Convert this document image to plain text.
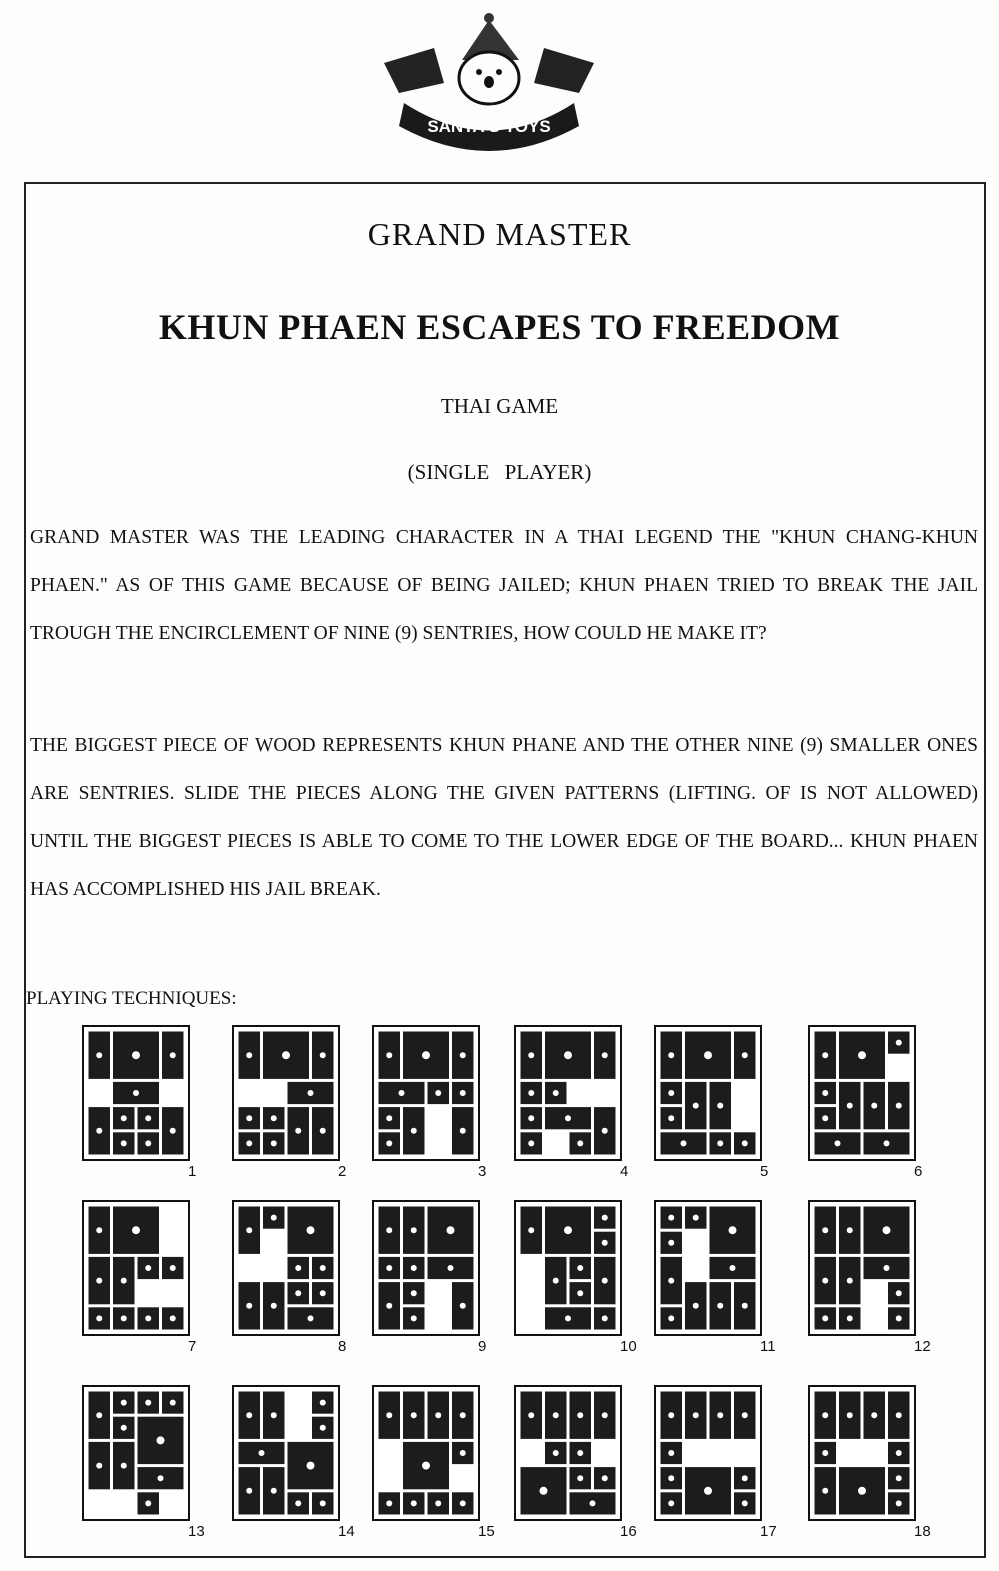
SANTA'S TOYS
GRAND MASTER
KHUN PHAEN ESCAPES TO FREEDOM
THAI GAME
(SINGLE PLAYER)
GRAND MASTER WAS THE LEADING CHARACTER IN A THAI LEGEND THE "KHUN CHANG-KHUN PHAEN." AS OF THIS GAME BECAUSE OF BEING JAILED; KHUN PHAEN TRIED TO BREAK THE JAIL TROUGH THE ENCIRCLEMENT OF NINE (9) SENTRIES, HOW COULD HE MAKE IT?
THE BIGGEST PIECE OF WOOD REPRESENTS KHUN PHANE AND THE OTHER NINE (9) SMALLER ONES ARE SENTRIES. SLIDE THE PIECES ALONG THE GIVEN PATTERNS (LIFTING. OF IS NOT ALLOWED) UNTIL THE BIGGEST PIECES IS ABLE TO COME TO THE LOWER EDGE OF THE BOARD... KHUN PHAEN HAS ACCOMPLISHED HIS JAIL BREAK.
PLAYING TECHNIQUES:
1	2	3	4	5	6
7	8	9	10	11	12
13	14	15	16	17	18
